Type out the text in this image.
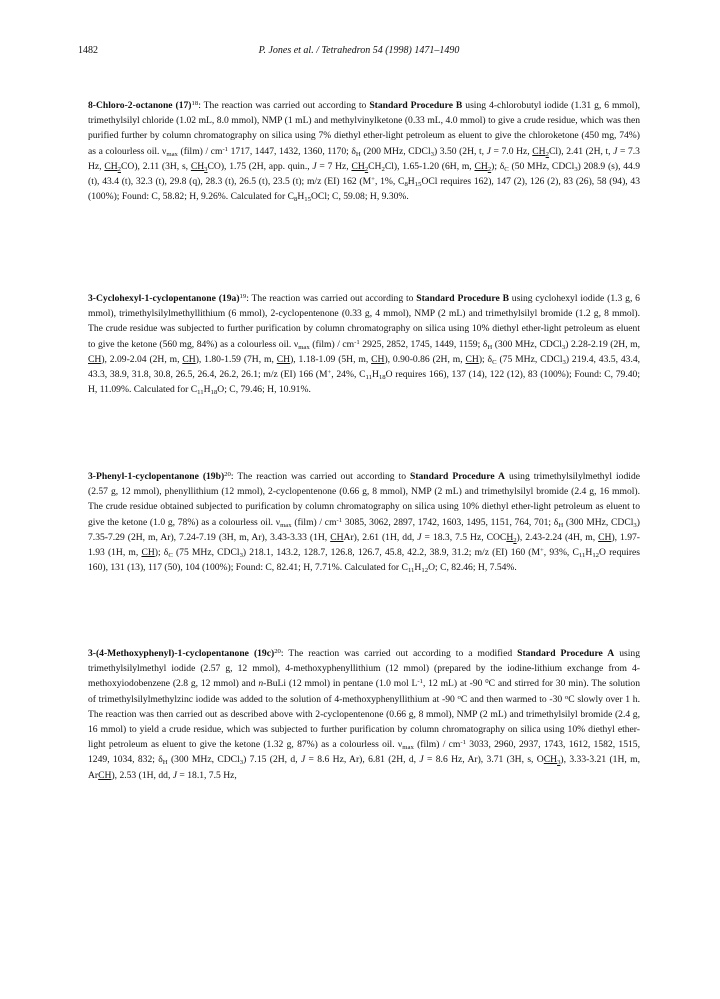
1482	P. Jones et al. / Tetrahedron 54 (1998) 1471–1490

8-Chloro-2-octanone $(17)^{18}$: The reaction was carried out according to Standard Procedure B using 4-chlorobutyl iodide (1.31 g, 6 mmol), trimethylsilyl chloride (1.02 mL, 8.0 mmol), NMP (1 mL) and methylvinylketone (0.33 mL, 4.0 mmol) to give a crude residue, which was then purified further by column chromatography on silica using 7% diethyl ether-light petroleum as eluent to give the chloroketone (450 mg, 74%) as a colourless oil. $\nu_{max}$ (film) / $cm^{-1}$ 1717, 1447, 1432, 1360, 1170; $\delta_H$ (200 MHz, CDCl$_3$) 3.50 (2H, t, J = 7.0 Hz, $CH_2Cl$), 2.41 (2H, t, J = 7.3 Hz, $CH_2CO$), 2.11 (3H, s, $CH_3CO$), 1.75 (2H, app. quin., J = 7 Hz, $CH_2CH_2Cl$), 1.65-1.20 (6H, m, $CH_2$); $\delta_C$ (50 MHz, CDCl$_3$) 208.9 (s), 44.9 (t), 43.4 (t), 32.3 (t), 29.8 (q), 28.3 (t), 26.5 (t), 23.5 (t); m/z (EI) 162 (M+, 1%, $C_8H_{15}OCl$ requires 162), 147 (2), 126 (2), 83 (26), 58 (94), 43 (100%); Found: C, 58.82; H, 9.26%. Calculated for $C_8H_{15}OCl$; C, 59.08; H, 9.30%.

3-Cyclohexyl-1-cyclopentanone $(19a)^{19}$: The reaction was carried out according to Standard Procedure B using cyclohexyl iodide (1.3 g, 6 mmol), trimethylsilylmethyllithium (6 mmol), 2-cyclopentenone (0.33 g, 4 mmol), NMP (2 mL) and trimethylsilyl bromide (1.2 g, 8 mmol). The crude residue was subjected to further purification by column chromatography on silica using 10% diethyl ether-light petroleum as eluent to give the ketone (560 mg, 84%) as a colourless oil. $\nu_{max}$ (film) / $cm^{-1}$ 2925, 2852, 1745, 1449, 1159; $\delta_H$ (300 MHz, CDCl$_3$) 2.28-2.19 (2H, m, CH), 2.09-2.04 (2H, m, CH), 1.80-1.59 (7H, m, CH), 1.18-1.09 (5H, m, CH), 0.90-0.86 (2H, m, CH); $\delta_C$ (75 MHz, CDCl$_3$) 219.4, 43.5, 43.4, 43.3, 38.9, 31.8, 30.8, 26.5, 26.4, 26.2, 26.1; m/z (EI) 166 (M+, 24%, $C_{11}H_{18}O$ requires 166), 137 (14), 122 (12), 83 (100%); Found: C, 79.40; H, 11.09%. Calculated for $C_{11}H_{18}O$; C, 79.46; H, 10.91%.

3-Phenyl-1-cyclopentanone $(19b)^{20}$: The reaction was carried out according to Standard Procedure A using trimethylsilylmethyl iodide (2.57 g, 12 mmol), phenyllithium (12 mmol), 2-cyclopentenone (0.66 g, 8 mmol), NMP (2 mL) and trimethylsilyl bromide (2.4 g, 16 mmol). The crude residue obtained subjected to purification by column chromatography on silica using 10% diethyl ether-light petroleum as eluent to give the ketone (1.0 g, 78%) as a colourless oil. $\nu_{max}$ (film) / $cm^{-1}$ 3085, 3062, 2897, 1742, 1603, 1495, 1151, 764, 701; $\delta_H$ (300 MHz, CDCl$_3$) 7.35-7.29 (2H, m, Ar), 7.24-7.19 (3H, m, Ar), 3.43-3.33 (1H, CHAr), 2.61 (1H, dd, J = 18.3, 7.5 Hz, $COCH_2$), 2.43-2.24 (4H, m, CH), 1.97-1.93 (1H, m, CH); $\delta_C$ (75 MHz, CDCl$_3$) 218.1, 143.2, 128.7, 126.8, 126.7, 45.8, 42.2, 38.9, 31.2; m/z (EI) 160 (M+, 93%, $C_{11}H_{12}O$ requires 160), 131 (13), 117 (50), 104 (100%); Found: C, 82.41; H, 7.71%. Calculated for $C_{11}H_{12}O$; C, 82.46; H, 7.54%.

3-(4-Methoxyphenyl)-1-cyclopentanone $(19c)^{20}$: The reaction was carried out according to a modified Standard Procedure A using trimethylsilylmethyl iodide (2.57 g, 12 mmol), 4-methoxyphenyllithium (12 mmol) (prepared by the iodine-lithium exchange from 4-methoxyiodobenzene (2.8 g, 12 mmol) and n-BuLi (12 mmol) in pentane (1.0 mol $L^{-1}$, 12 mL) at -90 $^0$C and stirred for 30 min). The solution of trimethylsilylmethylzinc iodide was added to the solution of 4-methoxyphenyllithium at -90 $^o$C and then warmed to -30 $^o$C slowly over 1 h. The reaction was then carried out as described above with 2-cyclopentenone (0.66 g, 8 mmol), NMP (2 mL) and trimethylsilyl bromide (2.4 g, 16 mmol) to yield a crude residue, which was subjected to further purification by column chromatography on silica using 10% diethyl ether-light petroleum as eluent to give the ketone (1.32 g, 87%) as a colourless oil. $\nu_{max}$ (film) / $cm^{-1}$ 3033, 2960, 2937, 1743, 1612, 1582, 1515, 1249, 1034, 832; $\delta_H$ (300 MHz, CDCl$_3$) 7.15 (2H, d, J = 8.6 Hz, Ar), 6.81 (2H, d, J = 8.6 Hz, Ar), 3.71 (3H, s, $OCH_3$), 3.33-3.21 (1H, m, ArCH), 2.53 (1H, dd, J = 18.1, 7.5 Hz,
